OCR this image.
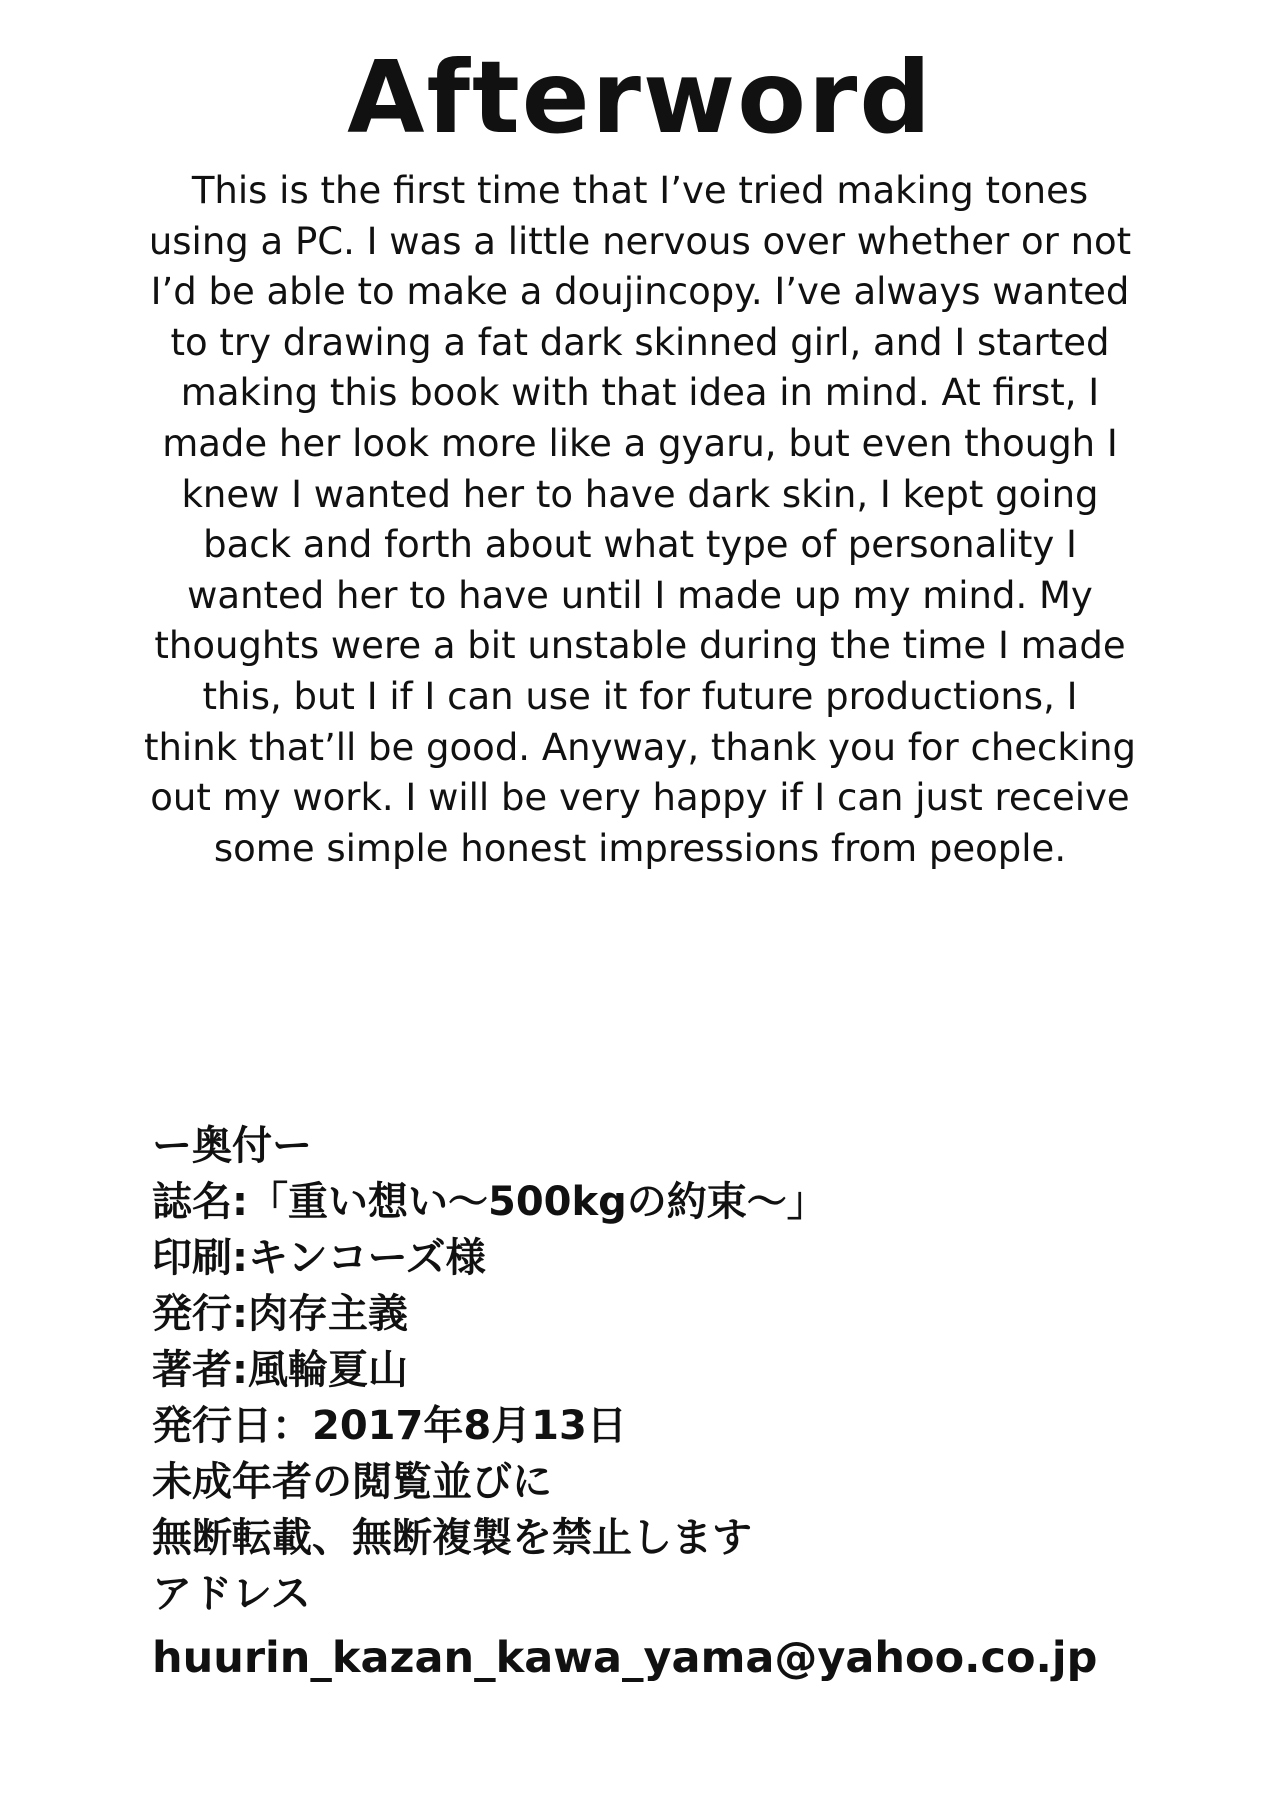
Afterword
This is the first time that I’ve tried making tones
using a PC. I was a little nervous over whether or not
I’d be able to make a doujincopy. I’ve always wanted
to try drawing a fat dark skinned girl, and I started
making this book with that idea in mind. At first, I
made her look more like a gyaru, but even though I
knew I wanted her to have dark skin, I kept going
back and forth about what type of personality I
wanted her to have until I made up my mind. My
thoughts were a bit unstable during the time I made
this, but I if I can use it for future productions, I
think that’ll be good. Anyway, thank you for checking
out my work. I will be very happy if I can just receive
some simple honest impressions from people.
ー奥付ー
誌名:「重い想い〜500kgの約束〜」
印刷:キンコーズ様
発行:肉存主義
著者:風輪夏山
発行日：2017年8月13日
未成年者の閲覧並びに
無断転載、無断複製を禁止します
アドレス
huurin_kazan_kawa_yama@yahoo.co.jp
